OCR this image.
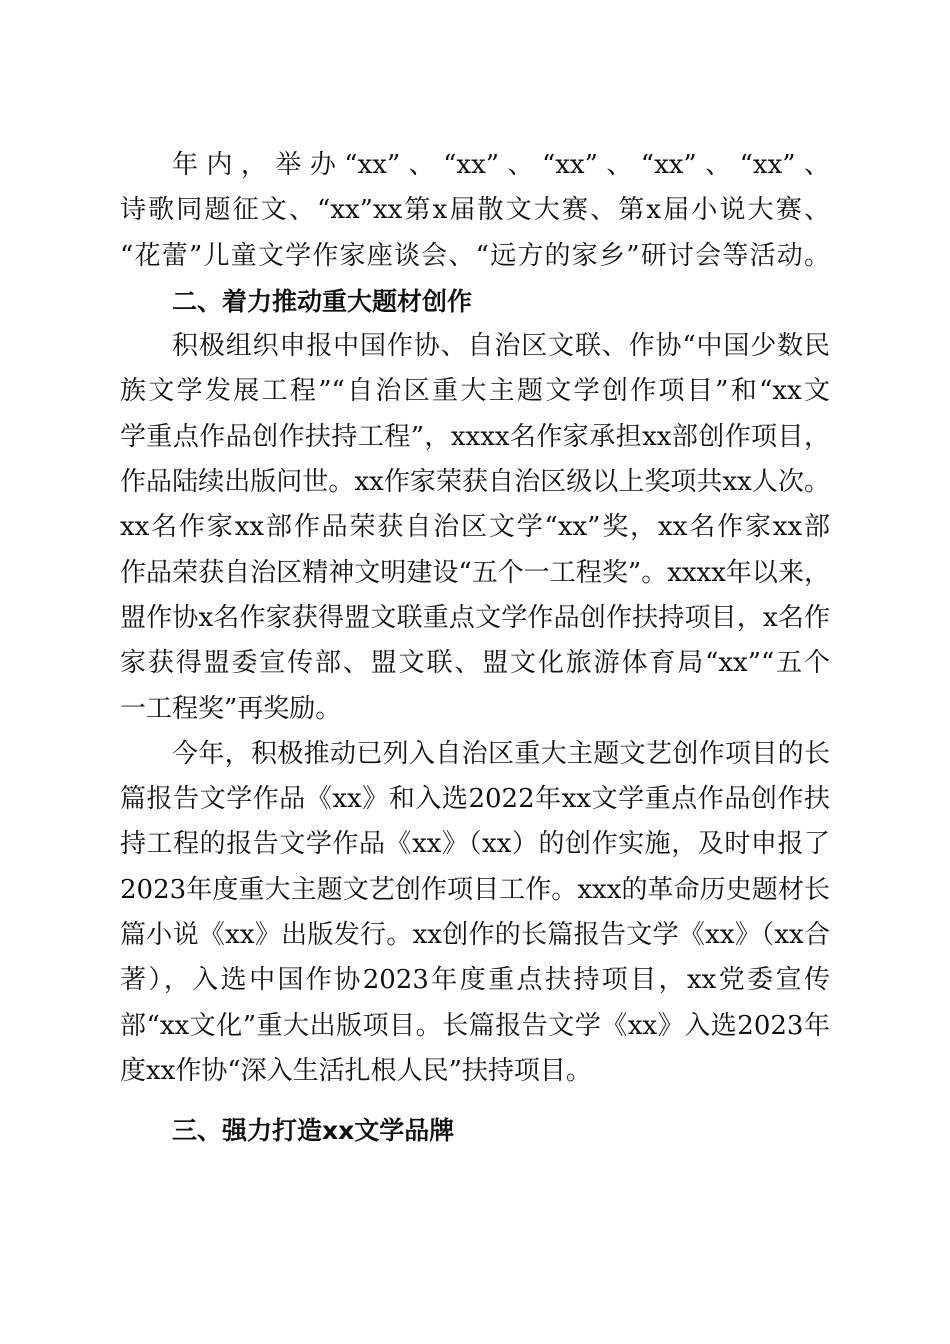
年内，举办“xx”、“xx”、“xx”、“xx”、“xx”、
诗歌同题征文、“xx”xx第x届散文大赛、第x届小说大赛、
“花蕾”儿童文学作家座谈会、“远方的家乡”研讨会等活动。
二、着力推动重大题材创作
积极组织申报中国作协、自治区文联、作协“中国少数民
族文学发展工程”“自治区重大主题文学创作项目”和“xx文
学重点作品创作扶持工程”，xxxx名作家承担xx部创作项目，
作品陆续出版问世。xx作家荣获自治区级以上奖项共xx人次。
xx名作家xx部作品荣获自治区文学“xx”奖，xx名作家xx部
作品荣获自治区精神文明建设“五个一工程奖”。xxxx年以来，
盟作协x名作家获得盟文联重点文学作品创作扶持项目，x名作
家获得盟委宣传部、盟文联、盟文化旅游体育局“xx”“五个
一工程奖”再奖励。
今年，积极推动已列入自治区重大主题文艺创作项目的长
篇报告文学作品《xx》和入选2022年xx文学重点作品创作扶
持工程的报告文学作品《xx》（xx）的创作实施，及时申报了
2023年度重大主题文艺创作项目工作。xxx的革命历史题材长
篇小说《xx》出版发行。xx创作的长篇报告文学《xx》（xx合
著），入选中国作协2023年度重点扶持项目，xx党委宣传
部“xx文化”重大出版项目。长篇报告文学《xx》入选2023年
度xx作协“深入生活扎根人民”扶持项目。
三、强力打造xx文学品牌
